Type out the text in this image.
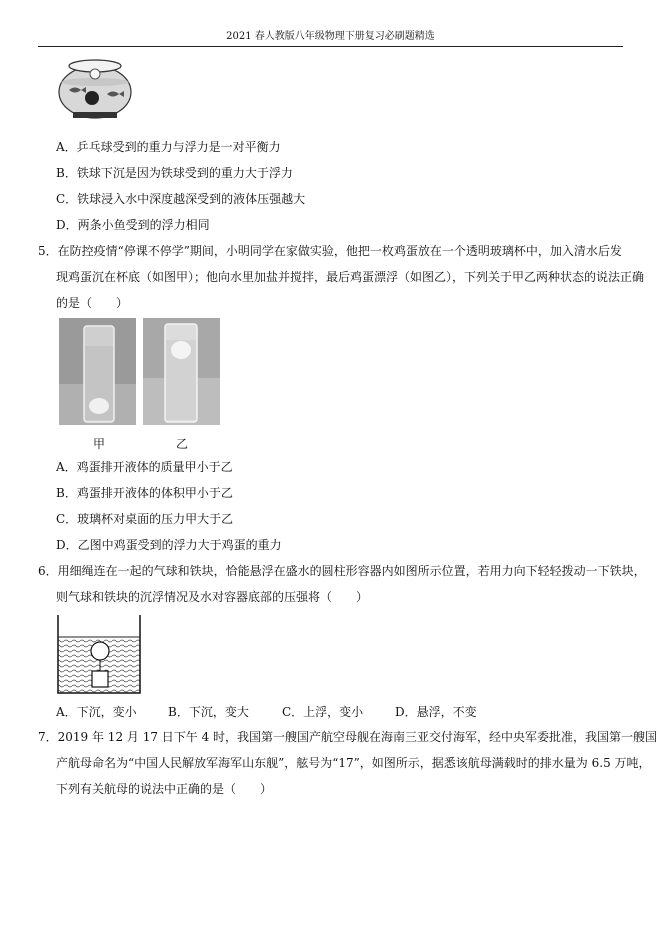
2021 春人教版八年级物理下册复习必刷题精选
A．乒乓球受到的重力与浮力是一对平衡力
B．铁球下沉是因为铁球受到的重力大于浮力
C．铁球浸入水中深度越深受到的液体压强越大
D．两条小鱼受到的浮力相同
5．在防控疫情“停课不停学”期间，小明同学在家做实验，他把一枚鸡蛋放在一个透明玻璃杯中，加入清水后发
现鸡蛋沉在杯底（如图甲）；他向水里加盐并搅拌，最后鸡蛋漂浮（如图乙），下列关于甲乙两种状态的说法正确
的是（　　）
甲	乙
A．鸡蛋排开液体的质量甲小于乙
B．鸡蛋排开液体的体积甲小于乙
C．玻璃杯对桌面的压力甲大于乙
D．乙图中鸡蛋受到的浮力大于鸡蛋的重力
6．用细绳连在一起的气球和铁块，恰能悬浮在盛水的圆柱形容器内如图所示位置，若用力向下轻轻拨动一下铁块，
则气球和铁块的沉浮情况及水对容器底部的压强将（　　）
A．下沉，变小	B．下沉，变大	C．上浮，变小	D．悬浮，不变
7．2019 年 12 月 17 日下午 4 时，我国第一艘国产航空母舰在海南三亚交付海军，经中央军委批准，我国第一艘国
产航母命名为“中国人民解放军海军山东舰”，舷号为“17”，如图所示，据悉该航母满载时的排水量为 6.5 万吨，
下列有关航母的说法中正确的是（　　）
